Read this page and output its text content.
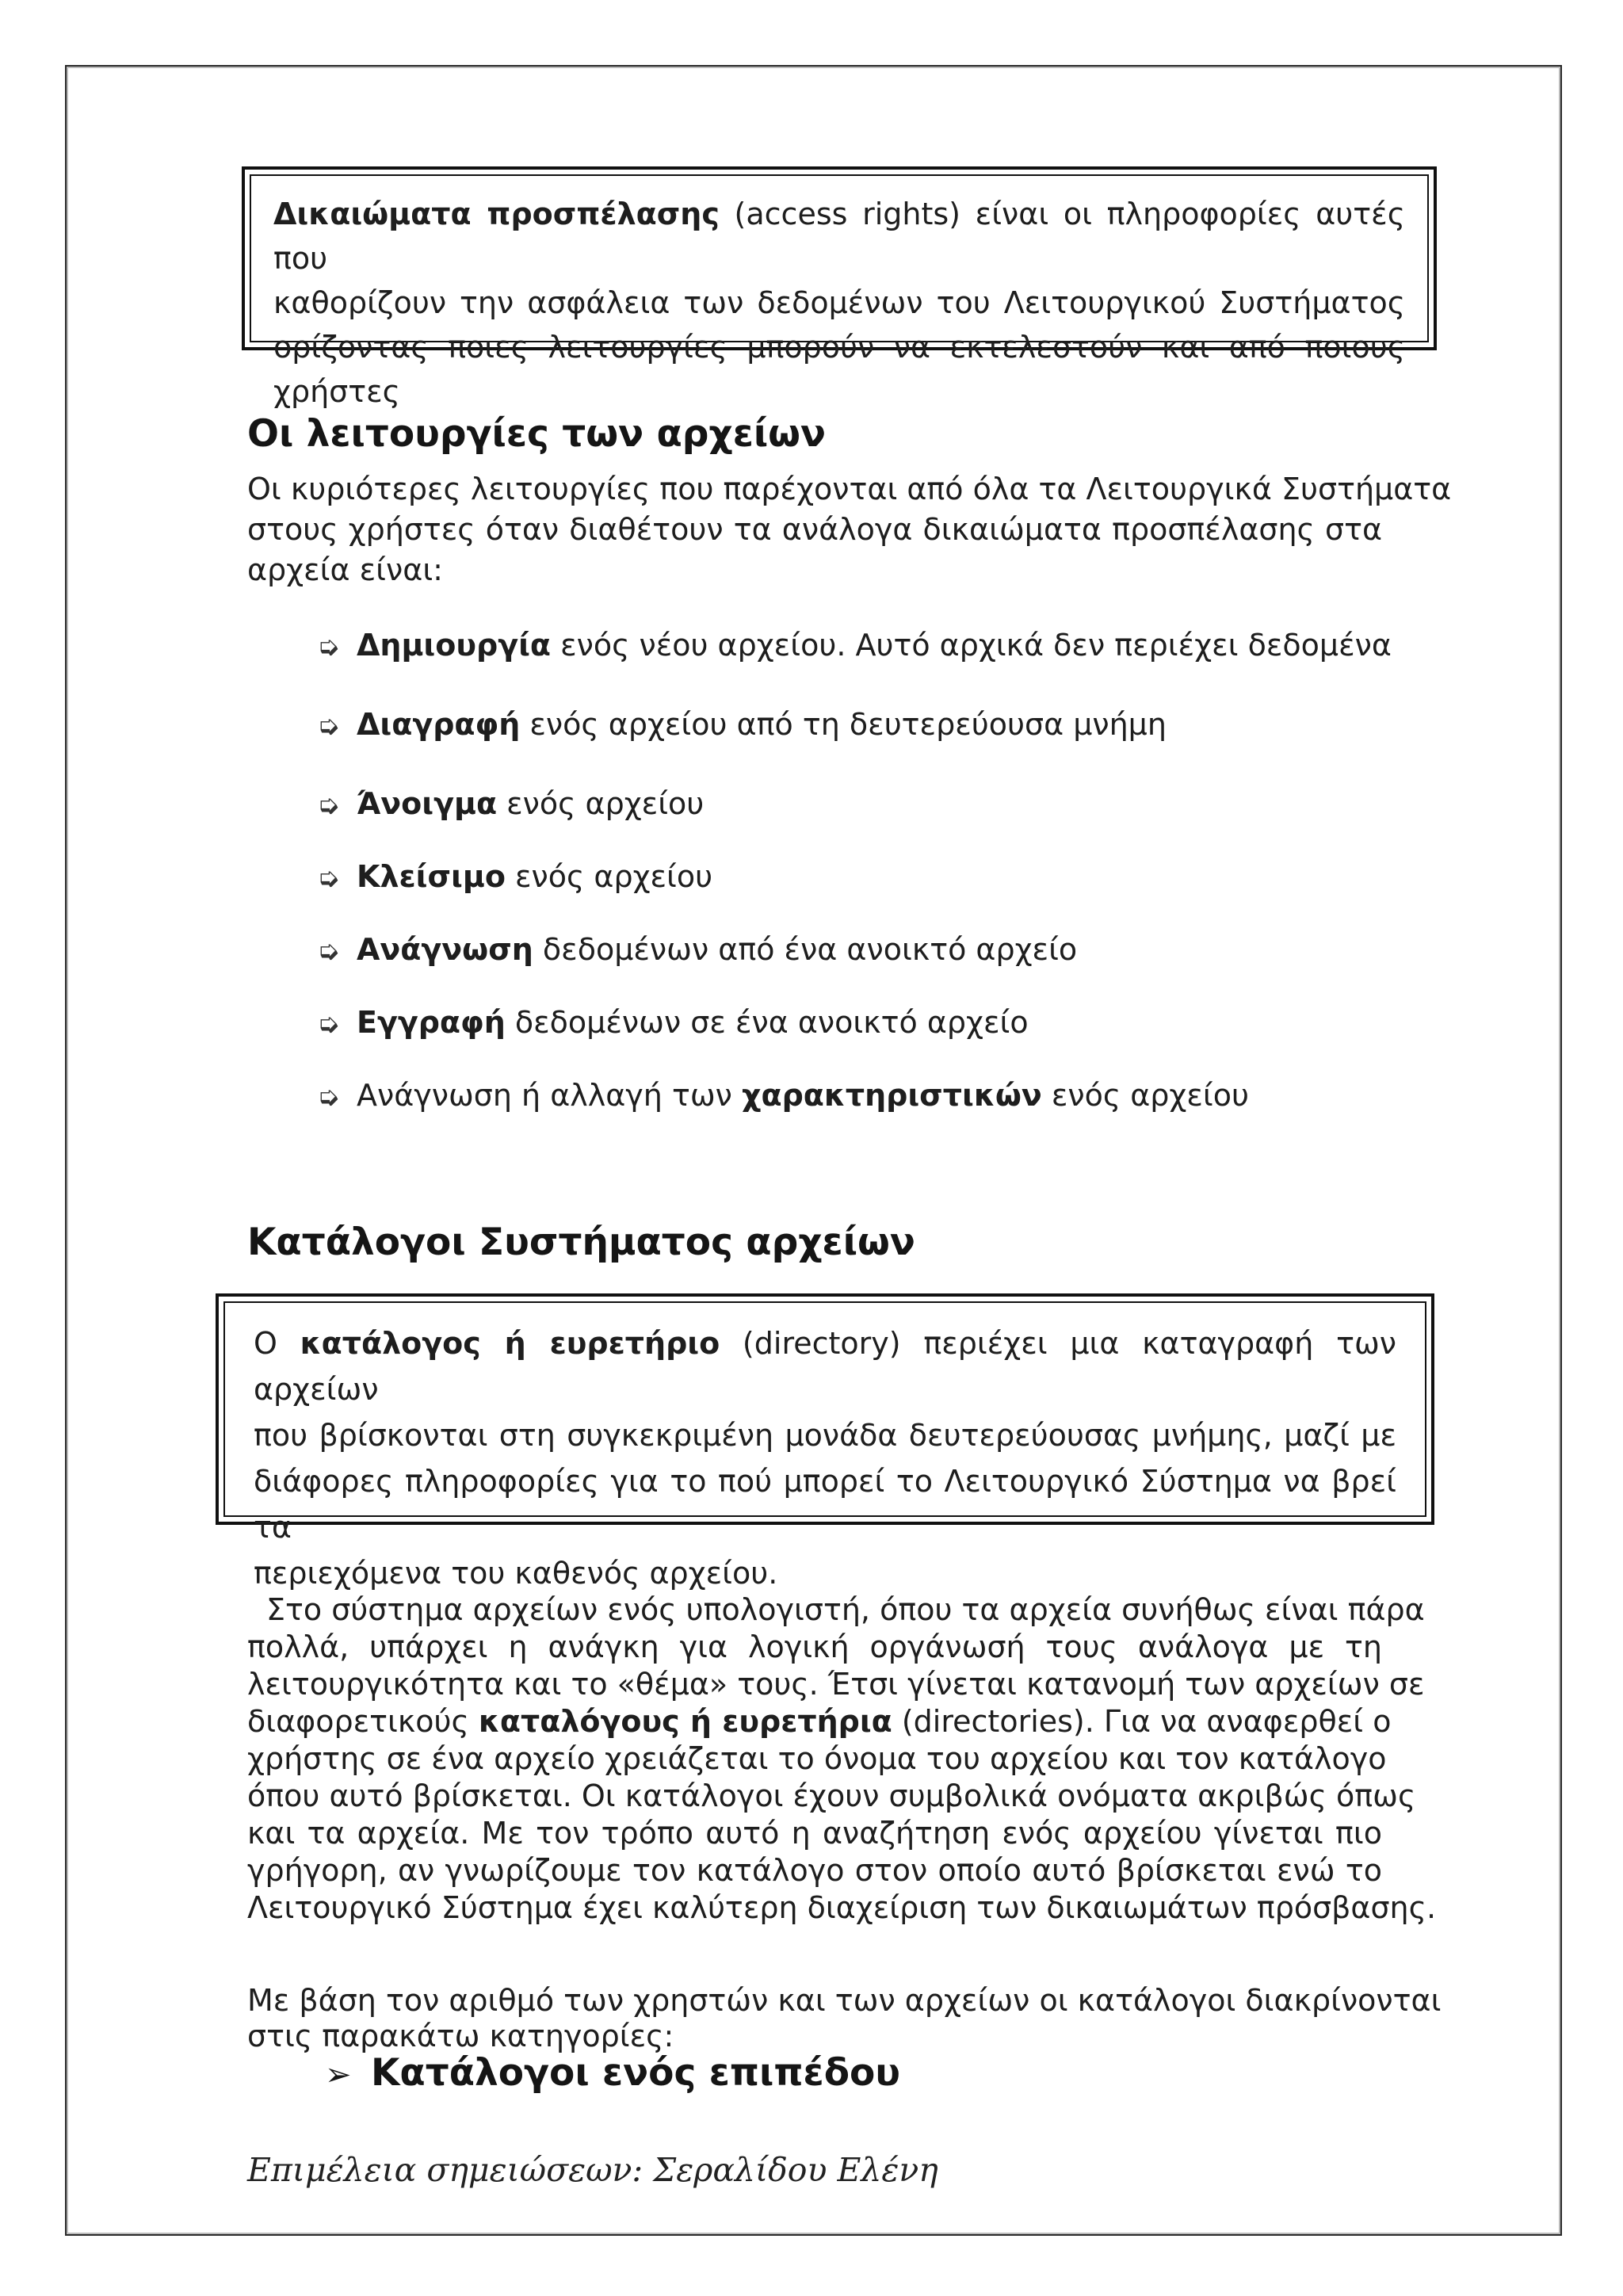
Δικαιώματα προσπέλασης (access rights) είναι οι πληροφορίες αυτές που
καθορίζουν την ασφάλεια των δεδομένων του Λειτουργικού Συστήματος
ορίζοντας ποιες λειτουργίες μπορούν να εκτελεστούν και από ποιους χρήστες
Οι λειτουργίες των αρχείων
Οι κυριότερες λειτουργίες που παρέχονται από όλα τα Λειτουργικά Συστήματα
στους χρήστες όταν διαθέτουν τα ανάλογα δικαιώματα προσπέλασης στα
αρχεία είναι:
➭ Δημιουργία ενός νέου αρχείου. Αυτό αρχικά δεν περιέχει δεδομένα
➭ Διαγραφή ενός αρχείου από τη δευτερεύουσα μνήμη
➭ Άνοιγμα ενός αρχείου
➭ Κλείσιμο ενός αρχείου
➭ Ανάγνωση δεδομένων από ένα ανοικτό αρχείο
➭ Εγγραφή δεδομένων σε ένα ανοικτό αρχείο
➭ Ανάγνωση ή αλλαγή των χαρακτηριστικών ενός αρχείου
Κατάλογοι Συστήματος αρχείων
Ο κατάλογος ή ευρετήριο (directory) περιέχει μια καταγραφή των αρχείων
που βρίσκονται στη συγκεκριμένη μονάδα δευτερεύουσας μνήμης, μαζί με
διάφορες πληροφορίες για το πού μπορεί το Λειτουργικό Σύστημα να βρεί τα
περιεχόμενα του καθενός αρχείου.
Στο σύστημα αρχείων ενός υπολογιστή, όπου τα αρχεία συνήθως είναι πάρα
πολλά, υπάρχει η ανάγκη για λογική οργάνωσή τους ανάλογα με τη
λειτουργικότητα και το «θέμα» τους. Έτσι γίνεται κατανομή των αρχείων σε
διαφορετικούς καταλόγους ή ευρετήρια (directories). Για να αναφερθεί ο
χρήστης σε ένα αρχείο χρειάζεται το όνομα του αρχείου και τον κατάλογο
όπου αυτό βρίσκεται. Οι κατάλογοι έχουν συμβολικά ονόματα ακριβώς όπως
και τα αρχεία. Με τον τρόπο αυτό η αναζήτηση ενός αρχείου γίνεται πιο
γρήγορη, αν γνωρίζουμε τον κατάλογο στον οποίο αυτό βρίσκεται ενώ το
Λειτουργικό Σύστημα έχει καλύτερη διαχείριση των δικαιωμάτων πρόσβασης.
Με βάση τον αριθμό των χρηστών και των αρχείων οι κατάλογοι διακρίνονται
στις παρακάτω κατηγορίες:
➢ Κατάλογοι ενός επιπέδου
Επιμέλεια σημειώσεων: Σεραλίδου Ελένη
